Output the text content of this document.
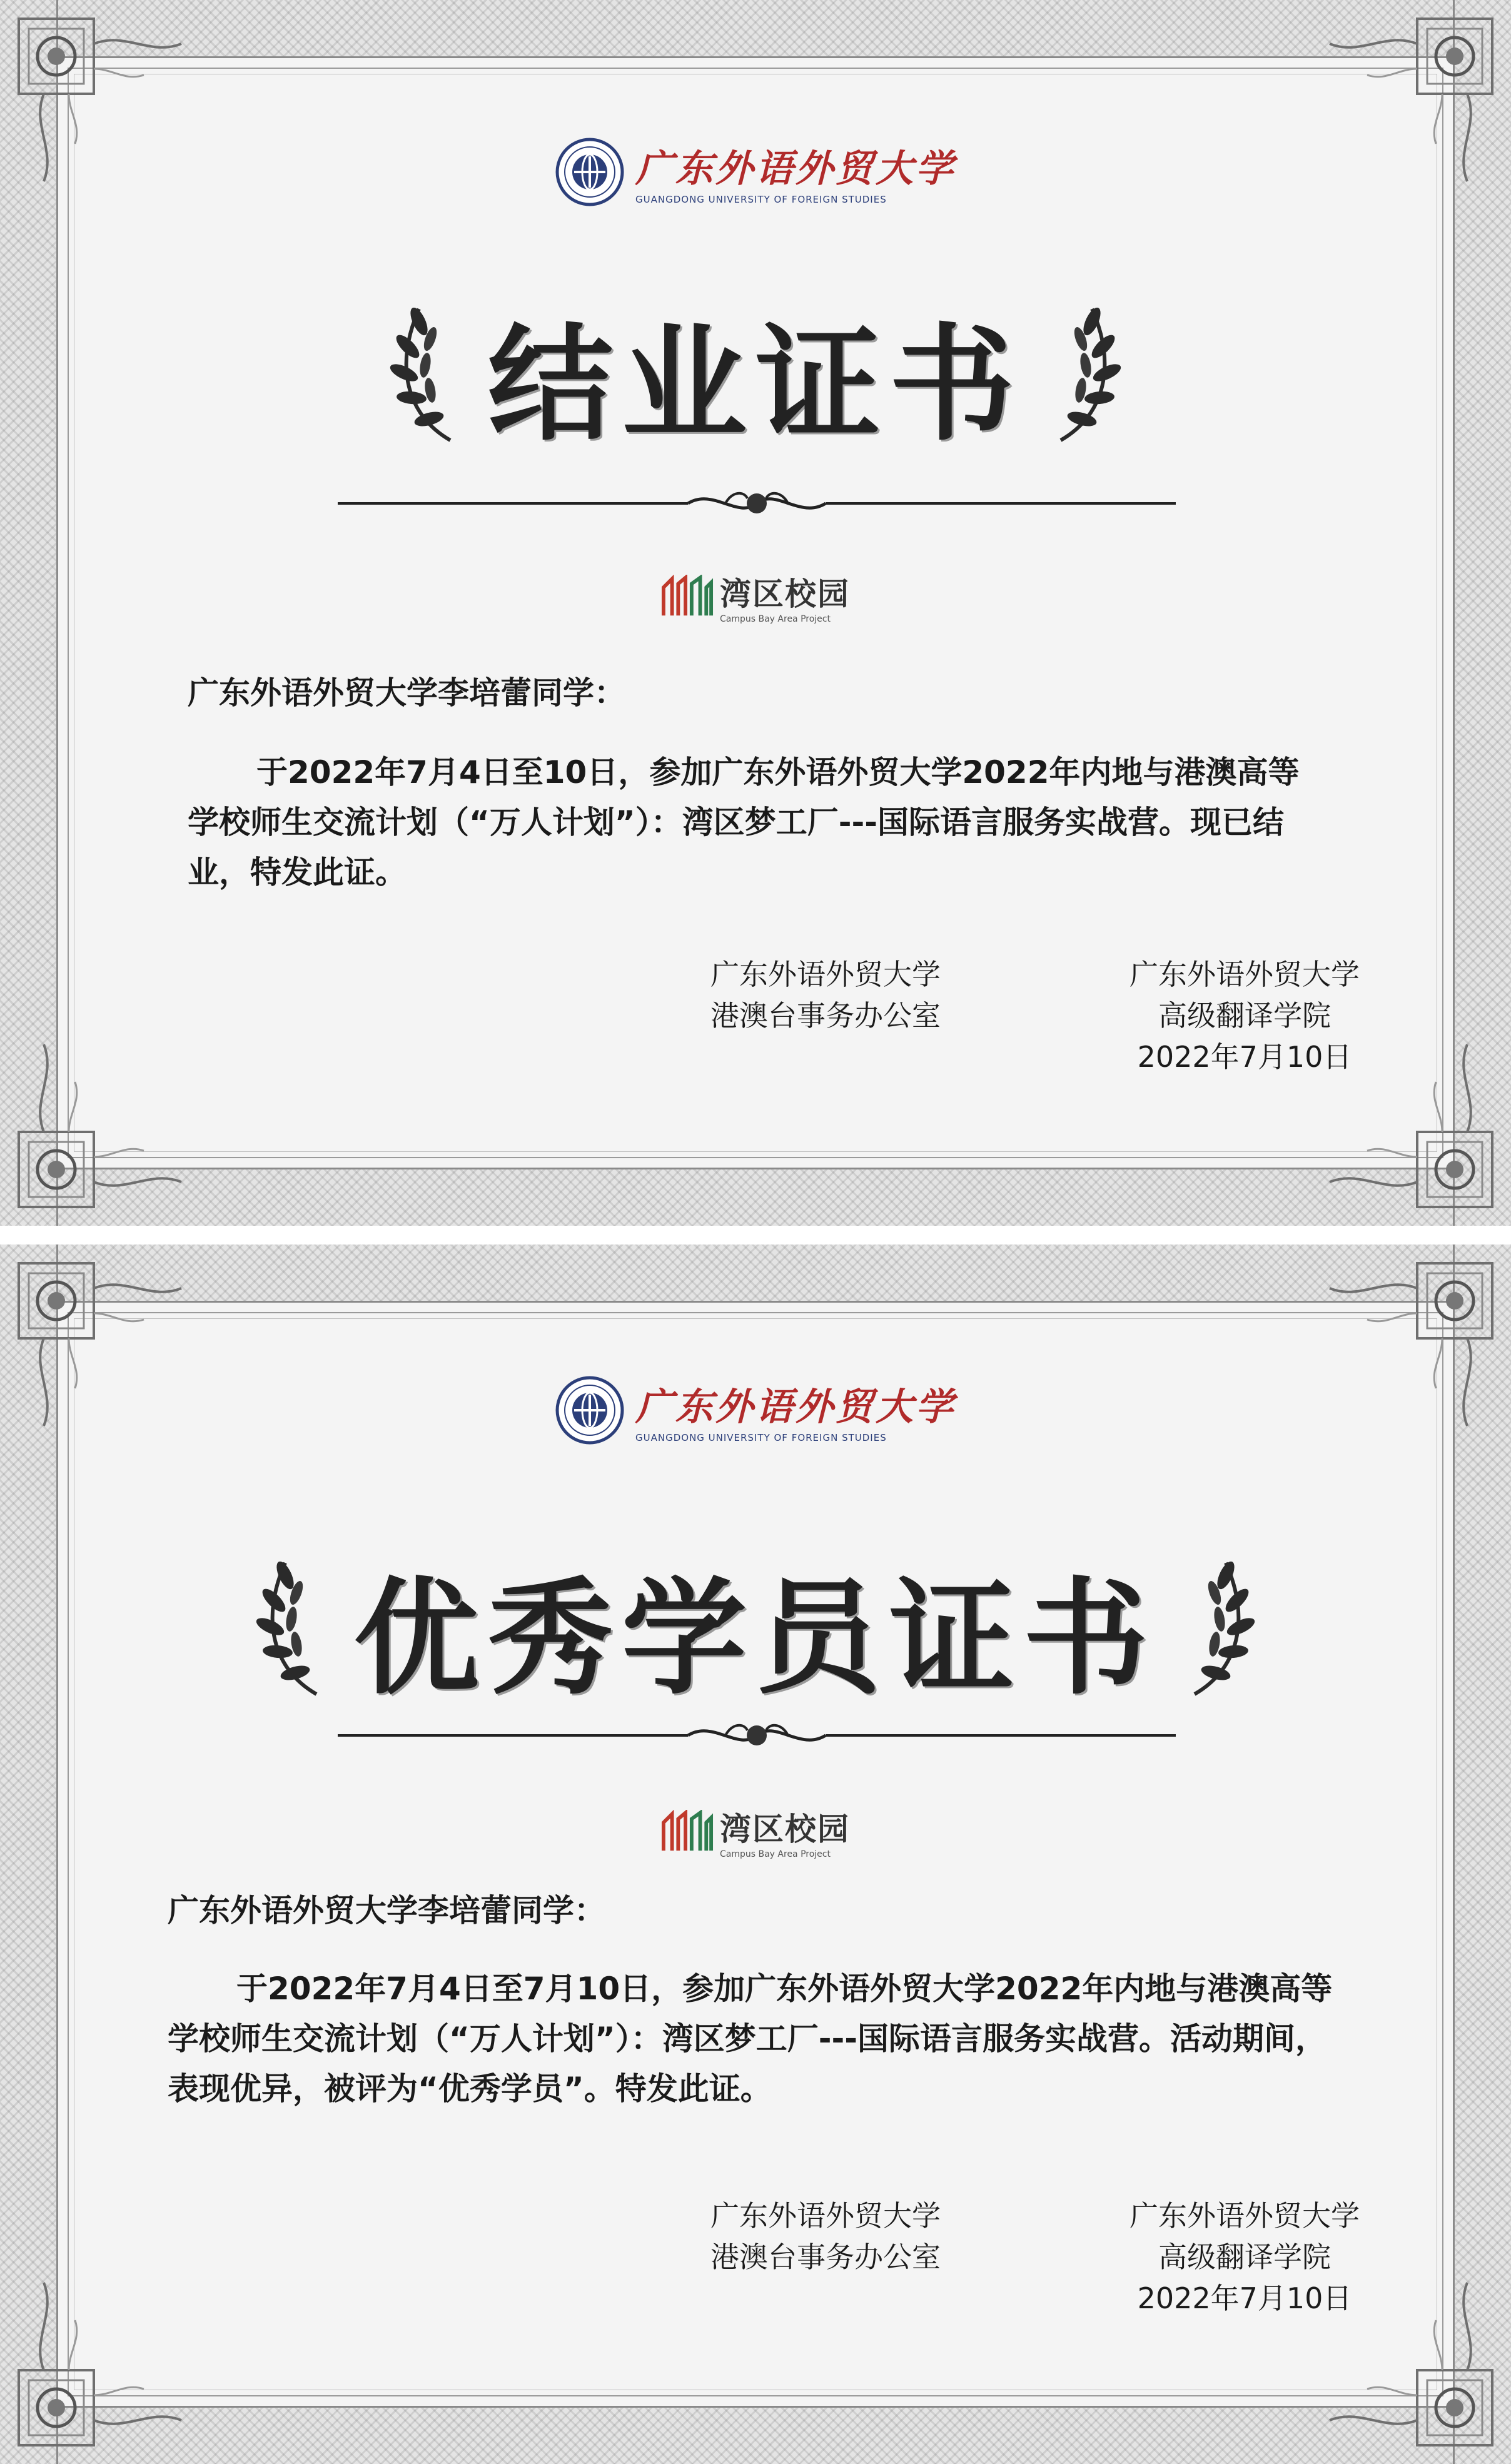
广东外语外贸大学
GUANGDONG UNIVERSITY OF FOREIGN STUDIES
结业证书
湾区校园
Campus Bay Area Project
广东外语外贸大学李培蕾同学：

于2022年7月4日至10日，参加广东外语外贸大学2022年内地与港澳高等学校师生交流计划（“万人计划”）：湾区梦工厂---国际语言服务实战营。现已结业，特发此证。

广东外语外贸大学
港澳台事务办公室
广东外语外贸大学
高级翻译学院
2022年7月10日
广东外语外贸大学
GUANGDONG UNIVERSITY OF FOREIGN STUDIES
优秀学员证书
湾区校园
Campus Bay Area Project
广东外语外贸大学李培蕾同学：

于2022年7月4日至7月10日，参加广东外语外贸大学2022年内地与港澳高等学校师生交流计划（“万人计划”）：湾区梦工厂---国际语言服务实战营。活动期间，表现优异，被评为“优秀学员”。特发此证。

广东外语外贸大学
港澳台事务办公室
广东外语外贸大学
高级翻译学院
2022年7月10日
